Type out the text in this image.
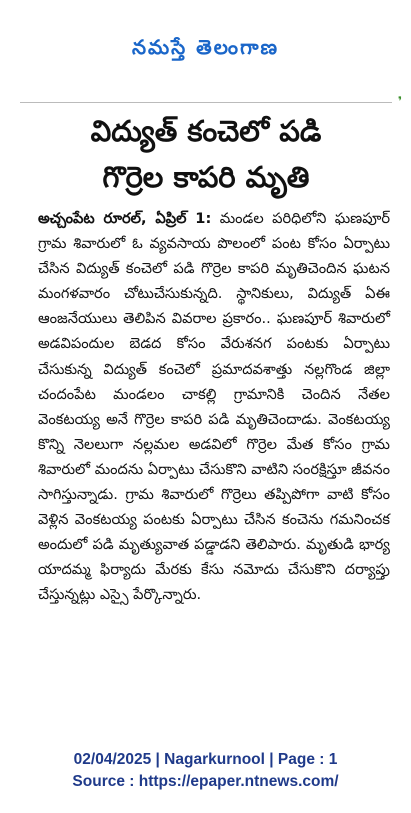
నమస్తే తెలంగాణ
❜
విద్యుత్ కంచెలో పడి
గొర్రెల కాపరి మృతి

అచ్చంపేట రూరల్, ఏప్రిల్ 1: మండల పరిధిలోని ఘణపూర్ గ్రామ శివారులో ఓ వ్యవసాయ పొలంలో పంట కోసం ఏర్పాటు చేసిన విద్యుత్ కంచెలో పడి గొర్రెల కాపరి మృతిచెందిన ఘటన మంగళవారం చోటుచేసుకున్నది. స్థానికులు, విద్యుత్ ఏఈ ఆంజనేయులు తెలిపిన వివరాల ప్రకారం.. ఘణపూర్ శివారులో అడవిపందుల బెడద కోసం వేరుశనగ పంటకు ఏర్పాటు చేసుకున్న విద్యుత్ కంచెలో ప్రమాదవశాత్తు నల్లగొండ జిల్లా చందంపేట మండలం చాకల్లి గ్రామానికి చెందిన నేతల వెంకటయ్య అనే గొర్రెల కాపరి పడి మృతిచెందాడు. వెంకటయ్య కొన్ని నెలలుగా నల్లమల అడవిలో గొర్రెల మేత కోసం గ్రామ శివారులో మందను ఏర్పాటు చేసుకొని వాటిని సంరక్షిస్తూ జీవనం సాగిస్తున్నాడు. గ్రామ శివారులో గొర్రెలు తప్పిపోగా వాటి కోసం వెళ్లిన వెంకటయ్య పంటకు ఏర్పాటు చేసిన కంచెను గమనించక అందులో పడి మృత్యువాత పడ్డాడని తెలిపారు. మృతుడి భార్య యాదమ్మ ఫిర్యాదు మేరకు కేసు నమోదు చేసుకొని దర్యాప్తు చేస్తున్నట్లు ఎస్సై పేర్కొన్నారు.

02/04/2025 | Nagarkurnool | Page : 1
Source : https://epaper.ntnews.com/
